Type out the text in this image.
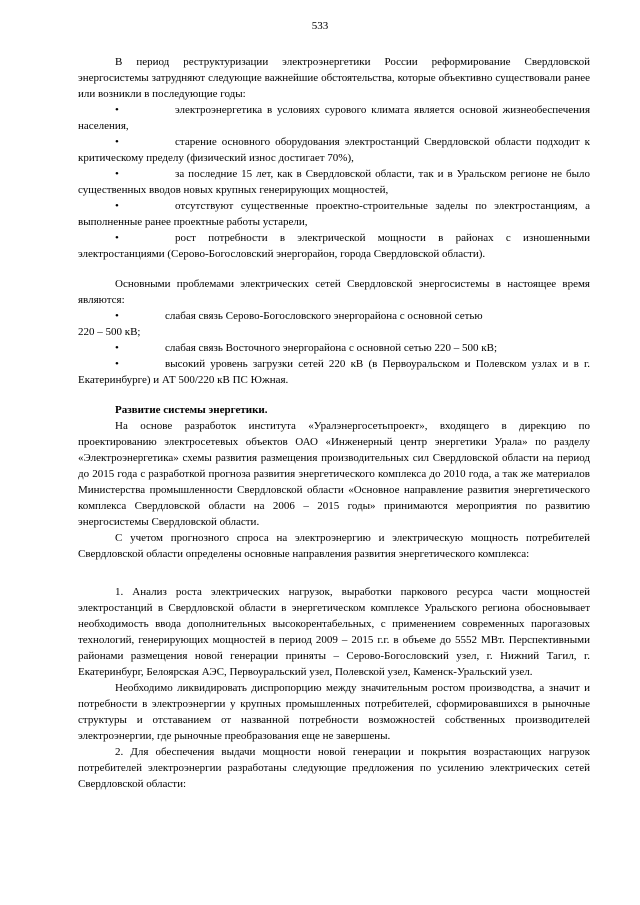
533

В период реструктуризации электроэнергетики России реформирование Свердловской энергосистемы затрудняют следующие важнейшие обстоятельства, которые объективно существовали ранее или возникли в последующие годы:

•	электроэнергетика в условиях сурового климата является основой жизнеобеспечения населения,

•	старение основного оборудования электростанций Свердловской области подходит к критическому пределу (физический износ достигает 70%),

•	за последние 15 лет, как в Свердловской области, так и в Уральском регионе не было существенных вводов новых крупных генерирующих мощностей,

•	отсутствуют существенные проектно-строительные заделы по электростанциям, а выполненные ранее проектные работы устарели,

•	рост потребности в электрической мощности в районах с изношенными электростанциями (Серово-Богословский энергорайон, города Свердловской области).

Основными проблемами электрических сетей Свердловской энергосистемы в настоящее время являются:

•	слабая связь Серово-Богословского энергорайона с основной сетью

220 – 500 кВ;

•	слабая связь Восточного энергорайона с основной сетью 220 – 500 кВ;

•	высокий уровень загрузки сетей 220 кВ (в Первоуральском и Полевском узлах и в г. Екатеринбурге) и АТ 500/220 кВ ПС Южная.

Развитие системы энергетики.

На основе разработок института «Уралэнергосетьпроект», входящего в дирекцию по проектированию электросетевых объектов ОАО «Инженерный центр энергетики Урала» по разделу «Электроэнергетика» схемы развития размещения производительных сил Свердловской области на период до 2015 года с разработкой прогноза развития энергетического комплекса до 2010 года, а так же материалов Министерства промышленности Свердловской области «Основное направление развития энергетического комплекса Свердловской области на 2006 – 2015 годы» принимаются мероприятия по развитию энергосистемы Свердловской области.

С учетом прогнозного спроса на электроэнергию и электрическую мощность потребителей Свердловской области определены основные направления развития энергетического комплекса:

1. Анализ роста электрических нагрузок, выработки паркового ресурса части мощностей электростанций в Свердловской области в энергетическом комплексе Уральского региона обосновывает необходимость ввода дополнительных высокорентабельных, с применением современных парогазовых технологий, генерирующих мощностей в период 2009 – 2015 г.г. в объеме до 5552 МВт. Перспективными районами размещения новой генерации приняты – Серово-Богословский узел, г. Нижний Тагил, г. Екатеринбург, Белоярская АЭС, Первоуральский узел, Полевской узел, Каменск-Уральский узел.

Необходимо ликвидировать диспропорцию между значительным ростом производства, а значит и потребности в электроэнергии у крупных промышленных потребителей, сформировавшихся в рыночные структуры и отставанием от названной потребности возможностей собственных производителей электроэнергии, где рыночные преобразования еще не завершены.

2. Для обеспечения выдачи мощности новой генерации и покрытия возрастающих нагрузок потребителей электроэнергии разработаны следующие предложения по усилению электрических сетей Свердловской области:
